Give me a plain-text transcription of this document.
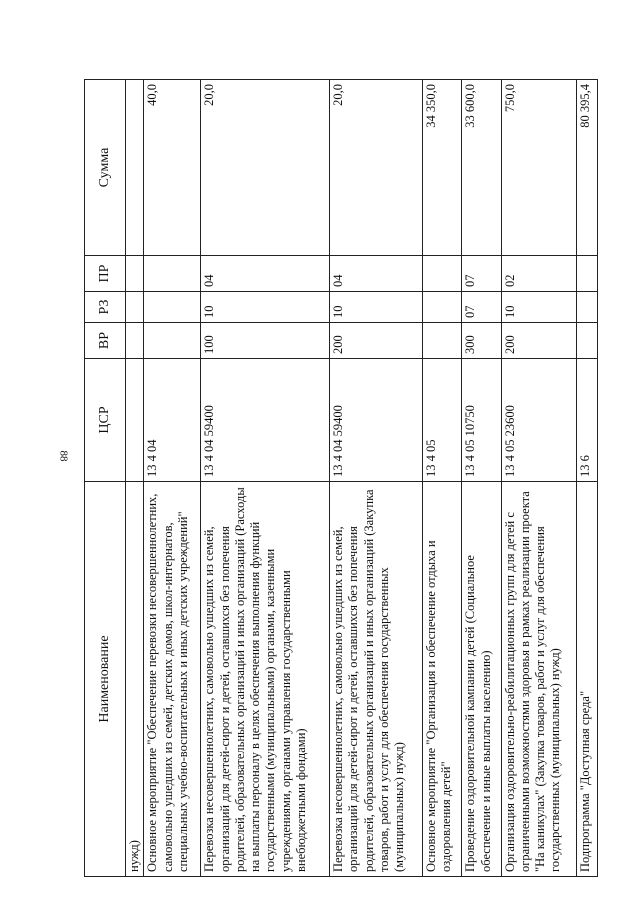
88
Наименование	ЦСР	ВР	РЗ	ПР	Сумма
нужд)					
Основное мероприятие "Обеспечение перевозки несовершеннолетних, самовольно ушедших из семей, детских домов, школ-интернатов, специальных учебно-воспитательных и иных детских учреждений"	13 4 04				40,0
Перевозка несовершеннолетних, самовольно ушедших из семей, организаций для детей-сирот и детей, оставшихся без попечения родителей, образовательных организаций и иных организаций (Расходы на выплаты персоналу в целях обеспечения выполнения функций государственными (муниципальными) органами, казенными учреждениями, органами управления государственными внебюджетными фондами)	13 4 04 59400	100	10	04	20,0
Перевозка несовершеннолетних, самовольно ушедших из семей, организаций для детей-сирот и детей, оставшихся без попечения родителей, образовательных организаций и иных организаций (Закупка товаров, работ и услуг для обеспечения государственных (муниципальных) нужд)	13 4 04 59400	200	10	04	20,0
Основное мероприятие "Организация и обеспечение отдыха и оздоровления детей"	13 4 05				34 350,0
Проведение оздоровительной кампании детей (Социальное обеспечение и иные выплаты населению)	13 4 05 10750	300	07	07	33 600,0
Организация оздоровительно-реабилитационных групп для детей с ограниченными возможностями здоровья в рамках реализации проекта "На каникулах" (Закупка товаров, работ и услуг для обеспечения государственных (муниципальных) нужд)	13 4 05 23600	200	10	02	750,0
Подпрограмма "Доступная среда"	13 6				80 395,4
